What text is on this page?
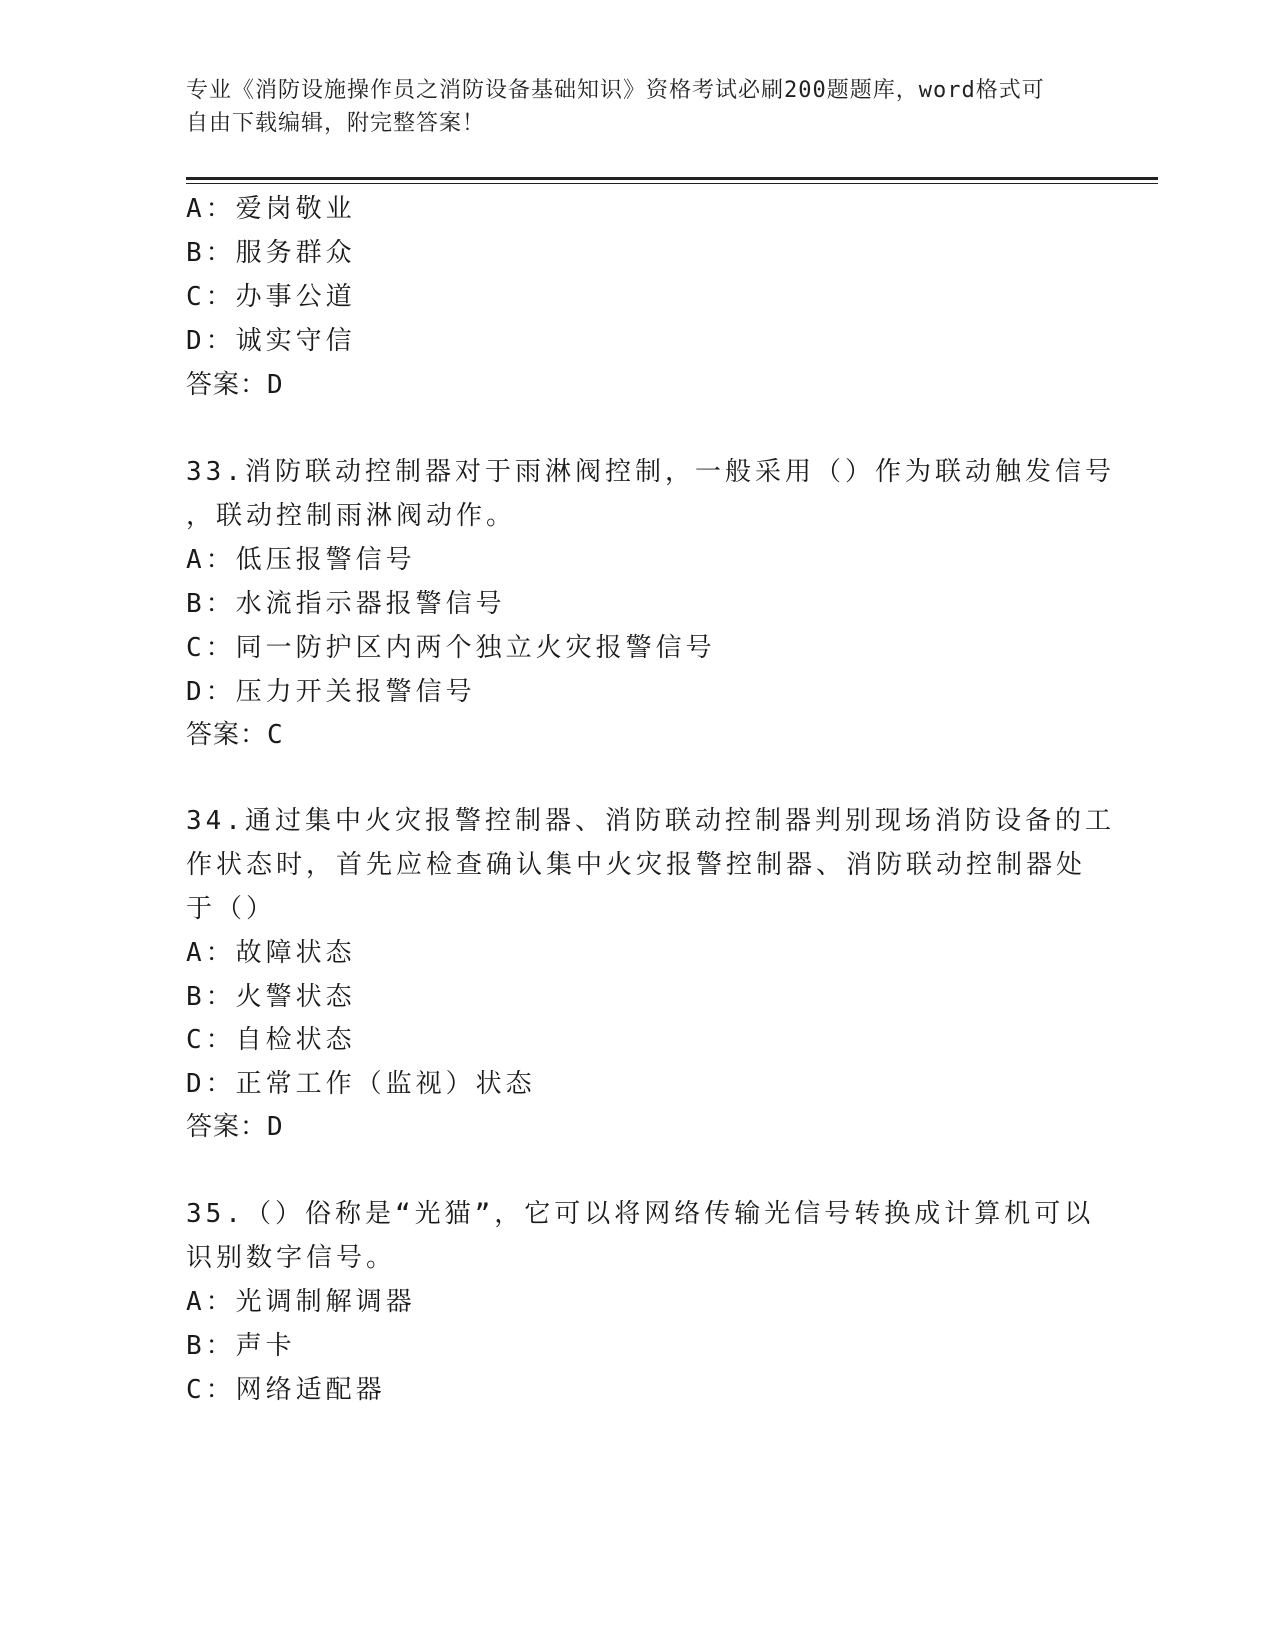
专业《消防设施操作员之消防设备基础知识》资格考试必刷200题题库，word格式可自由下载编辑，附完整答案！
A：爱岗敬业
B：服务群众
C：办事公道
D：诚实守信
答案：D
33.消防联动控制器对于雨淋阀控制，一般采用（）作为联动触发信号
，联动控制雨淋阀动作。
A：低压报警信号
B：水流指示器报警信号
C：同一防护区内两个独立火灾报警信号
D：压力开关报警信号
答案：C
34.通过集中火灾报警控制器、消防联动控制器判别现场消防设备的工
作状态时，首先应检查确认集中火灾报警控制器、消防联动控制器处
于（）
A：故障状态
B：火警状态
C：自检状态
D：正常工作（监视）状态
答案：D
35.（）俗称是“光猫”，它可以将网络传输光信号转换成计算机可以
识别数字信号。
A：光调制解调器
B：声卡
C：网络适配器
